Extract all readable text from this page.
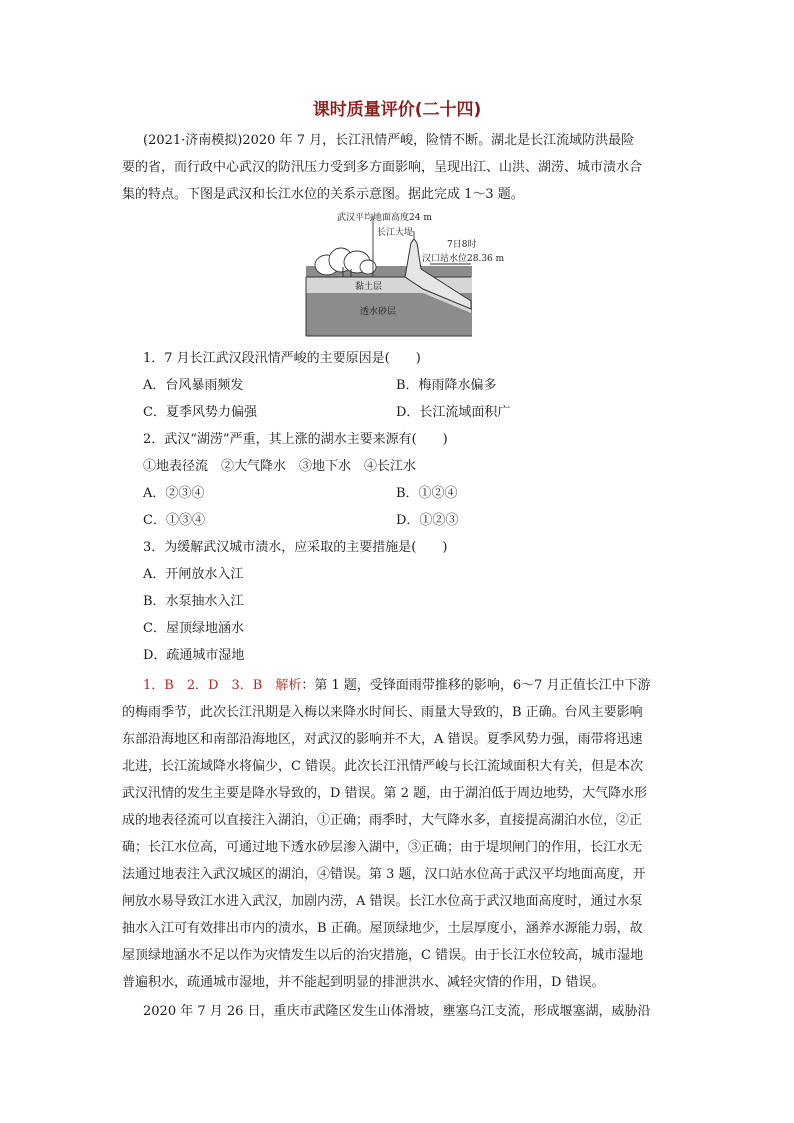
课时质量评价(二十四)
(2021·济南模拟)2020 年 7 月，长江汛情严峻，险情不断。湖北是长江流域防洪最险
要的省，而行政中心武汉的防汛压力受到多方面影响，呈现出江、山洪、湖涝、城市渍水合
集的特点。下图是武汉和长江水位的关系示意图。据此完成 1～3 题。
武汉平均地面高度24 m
长江大堤
7日8时
汉口站水位28.36 m
黏土层
透水砂层
1．7 月长江武汉段汛情严峻的主要原因是(　　)
A．台风暴雨频发	B．梅雨降水偏多
C．夏季风势力偏强	D．长江流域面积广
2．武汉“湖涝”严重，其上涨的湖水主要来源有(　　)
①地表径流　②大气降水　③地下水　④长江水
A．②③④	B．①②④
C．①③④	D．①②③
3．为缓解武汉城市渍水，应采取的主要措施是(　　)
A．开闸放水入江
B．水泵抽水入江
C．屋顶绿地涵水
D．疏通城市湿地
1．B　2．D　3．B　 解析：第 1 题，受锋面雨带推移的影响，6～7 月正值长江中下游
的梅雨季节，此次长江汛期是入梅以来降水时间长、雨量大导致的，B 正确。台风主要影响
东部沿海地区和南部沿海地区，对武汉的影响并不大，A 错误。夏季风势力强，雨带将迅速
北进，长江流域降水将偏少，C 错误。此次长江汛情严峻与长江流域面积大有关，但是本次
武汉汛情的发生主要是降水导致的，D 错误。第 2 题，由于湖泊低于周边地势，大气降水形
成的地表径流可以直接注入湖泊，①正确；雨季时，大气降水多，直接提高湖泊水位，②正
确；长江水位高，可通过地下透水砂层渗入湖中，③正确；由于堤坝闸门的作用，长江水无
法通过地表注入武汉城区的湖泊，④错误。第 3 题，汉口站水位高于武汉平均地面高度，开
闸放水易导致江水进入武汉，加剧内涝，A 错误。长江水位高于武汉地面高度时，通过水泵
抽水入江可有效排出市内的渍水，B 正确。屋顶绿地少，土层厚度小，涵养水源能力弱，故
屋顶绿地涵水不足以作为灾情发生以后的治灾措施，C 错误。由于长江水位较高，城市湿地
普遍积水，疏通城市湿地，并不能起到明显的排泄洪水、减轻灾情的作用，D 错误。
2020 年 7 月 26 日，重庆市武隆区发生山体滑坡，壅塞乌江支流，形成堰塞湖，威胁沿
